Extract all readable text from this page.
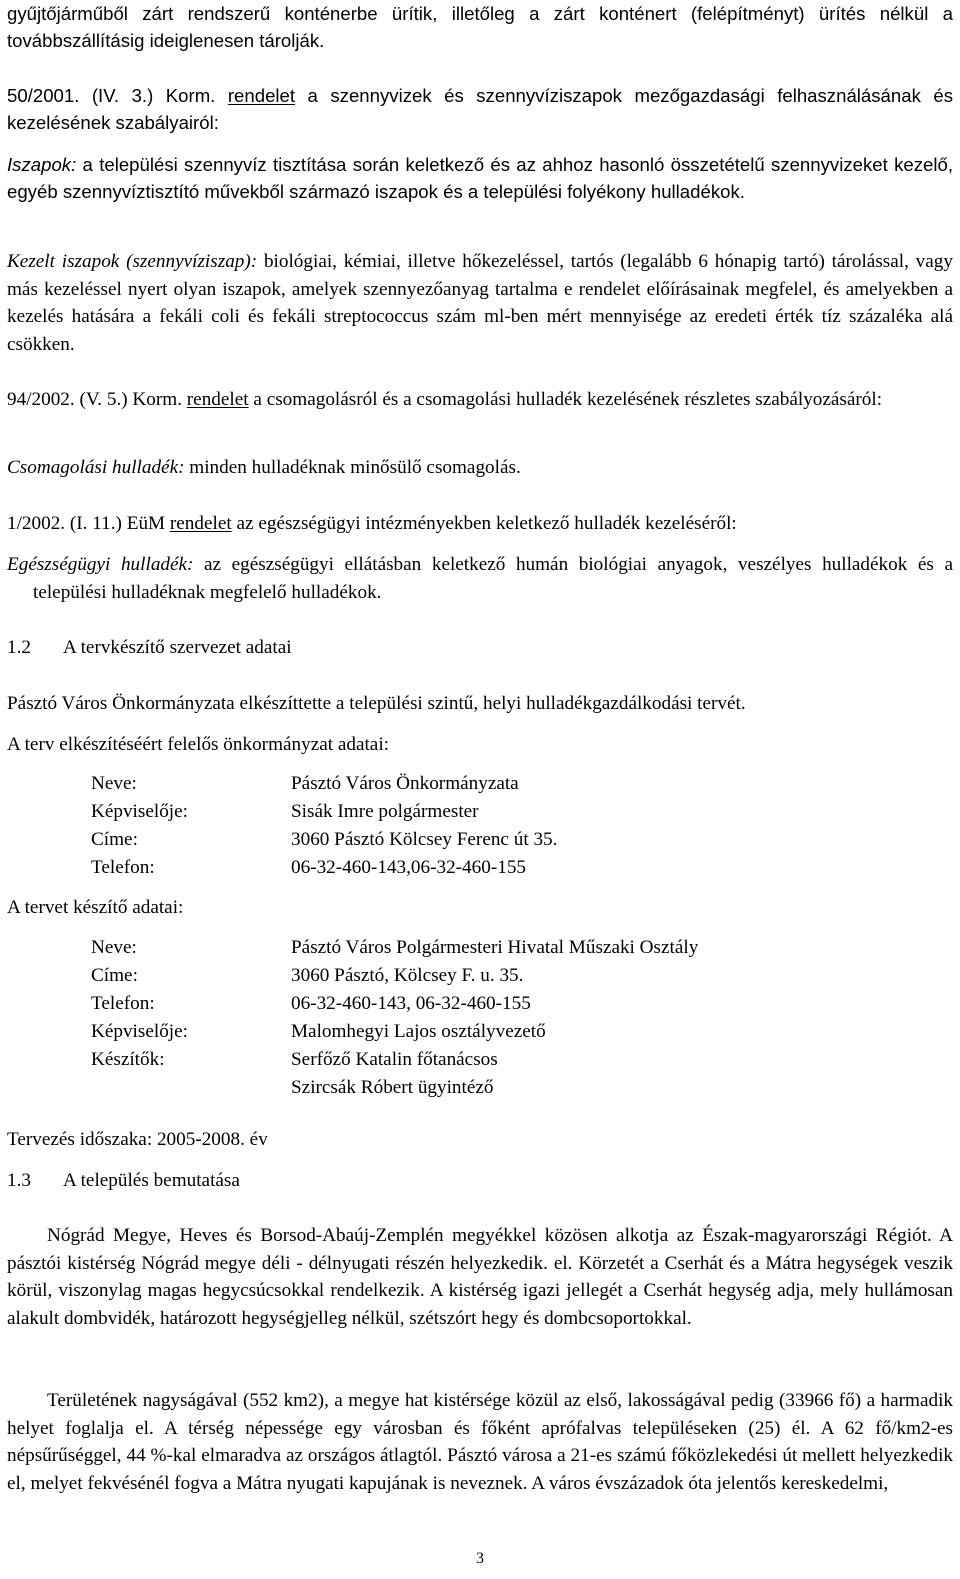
gyűjtőjárműből zárt rendszerű konténerbe ürítik, illetőleg a zárt konténert (felépítményt) ürítés nélkül a továbbszállításig ideiglenesen tárolják.

50/2001. (IV. 3.) Korm. rendelet a szennyvizek és szennyvíziszapok mezőgazdasági felhasználásának és kezelésének szabályairól:

Iszapok: a települési szennyvíz tisztítása során keletkező és az ahhoz hasonló összetételű szennyvizeket kezelő, egyéb szennyvíztisztító művekből származó iszapok és a települési folyékony hulladékok.

Kezelt iszapok (szennyvíziszap): biológiai, kémiai, illetve hőkezeléssel, tartós (legalább 6 hónapig tartó) tárolással, vagy más kezeléssel nyert olyan iszapok, amelyek szennyezőanyag tartalma e rendelet előírásainak megfelel, és amelyekben a kezelés hatására a fekáli coli és fekáli streptococcus szám ml-ben mért mennyisége az eredeti érték tíz százaléka alá csökken.

94/2002. (V. 5.) Korm. rendelet a csomagolásról és a csomagolási hulladék kezelésének részletes szabályozásáról:

Csomagolási hulladék: minden hulladéknak minősülő csomagolás.

1/2002. (I. 11.) EüM rendelet az egészségügyi intézményekben keletkező hulladék kezeléséről:

Egészségügyi hulladék: az egészségügyi ellátásban keletkező humán biológiai anyagok, veszélyes hulladékok és a települési hulladéknak megfelelő hulladékok.

1.2 A tervkészítő szervezet adatai

Pásztó Város Önkormányzata elkészíttette a települési szintű, helyi hulladékgazdálkodási tervét.

A terv elkészítéséért felelős önkormányzat adatai:

Neve:	Pásztó Város Önkormányzata
Képviselője:	Sisák Imre polgármester
Címe:	3060 Pásztó Kölcsey Ferenc út 35.
Telefon:	06-32-460-143,06-32-460-155

A tervet készítő adatai:

Neve:	Pásztó Város Polgármesteri Hivatal Műszaki Osztály
Címe:	3060 Pásztó, Kölcsey F. u. 35.
Telefon:	06-32-460-143, 06-32-460-155
Képviselője:	Malomhegyi Lajos osztályvezető
Készítők:	Serfőző Katalin főtanácsos
Szircsák Róbert ügyintéző

Tervezés időszaka: 2005-2008. év

1.3 A település bemutatása

Nógrád Megye, Heves és Borsod-Abaúj-Zemplén megyékkel közösen alkotja az Észak-magyarországi Régiót. A pásztói kistérség Nógrád megye déli - délnyugati részén helyezkedik. el. Körzetét a Cserhát és a Mátra hegységek veszik körül, viszonylag magas hegycsúcsokkal rendelkezik. A kistérség igazi jellegét a Cserhát hegység adja, mely hullámosan alakult dombvidék, határozott hegységjelleg nélkül, szétszórt hegy és dombcsoportokkal.

Területének nagyságával (552 km2), a megye hat kistérsége közül az első, lakosságával pedig (33966 fő) a harmadik helyet foglalja el. A térség népessége egy városban és főként aprófalvas településeken (25) él. A 62 fő/km2-es népsűrűséggel, 44 %-kal elmaradva az országos átlagtól. Pásztó városa a 21-es számú főközlekedési út mellett helyezkedik el, melyet fekvésénél fogva a Mátra nyugati kapujának is neveznek. A város évszázadok óta jelentős kereskedelmi,

3
